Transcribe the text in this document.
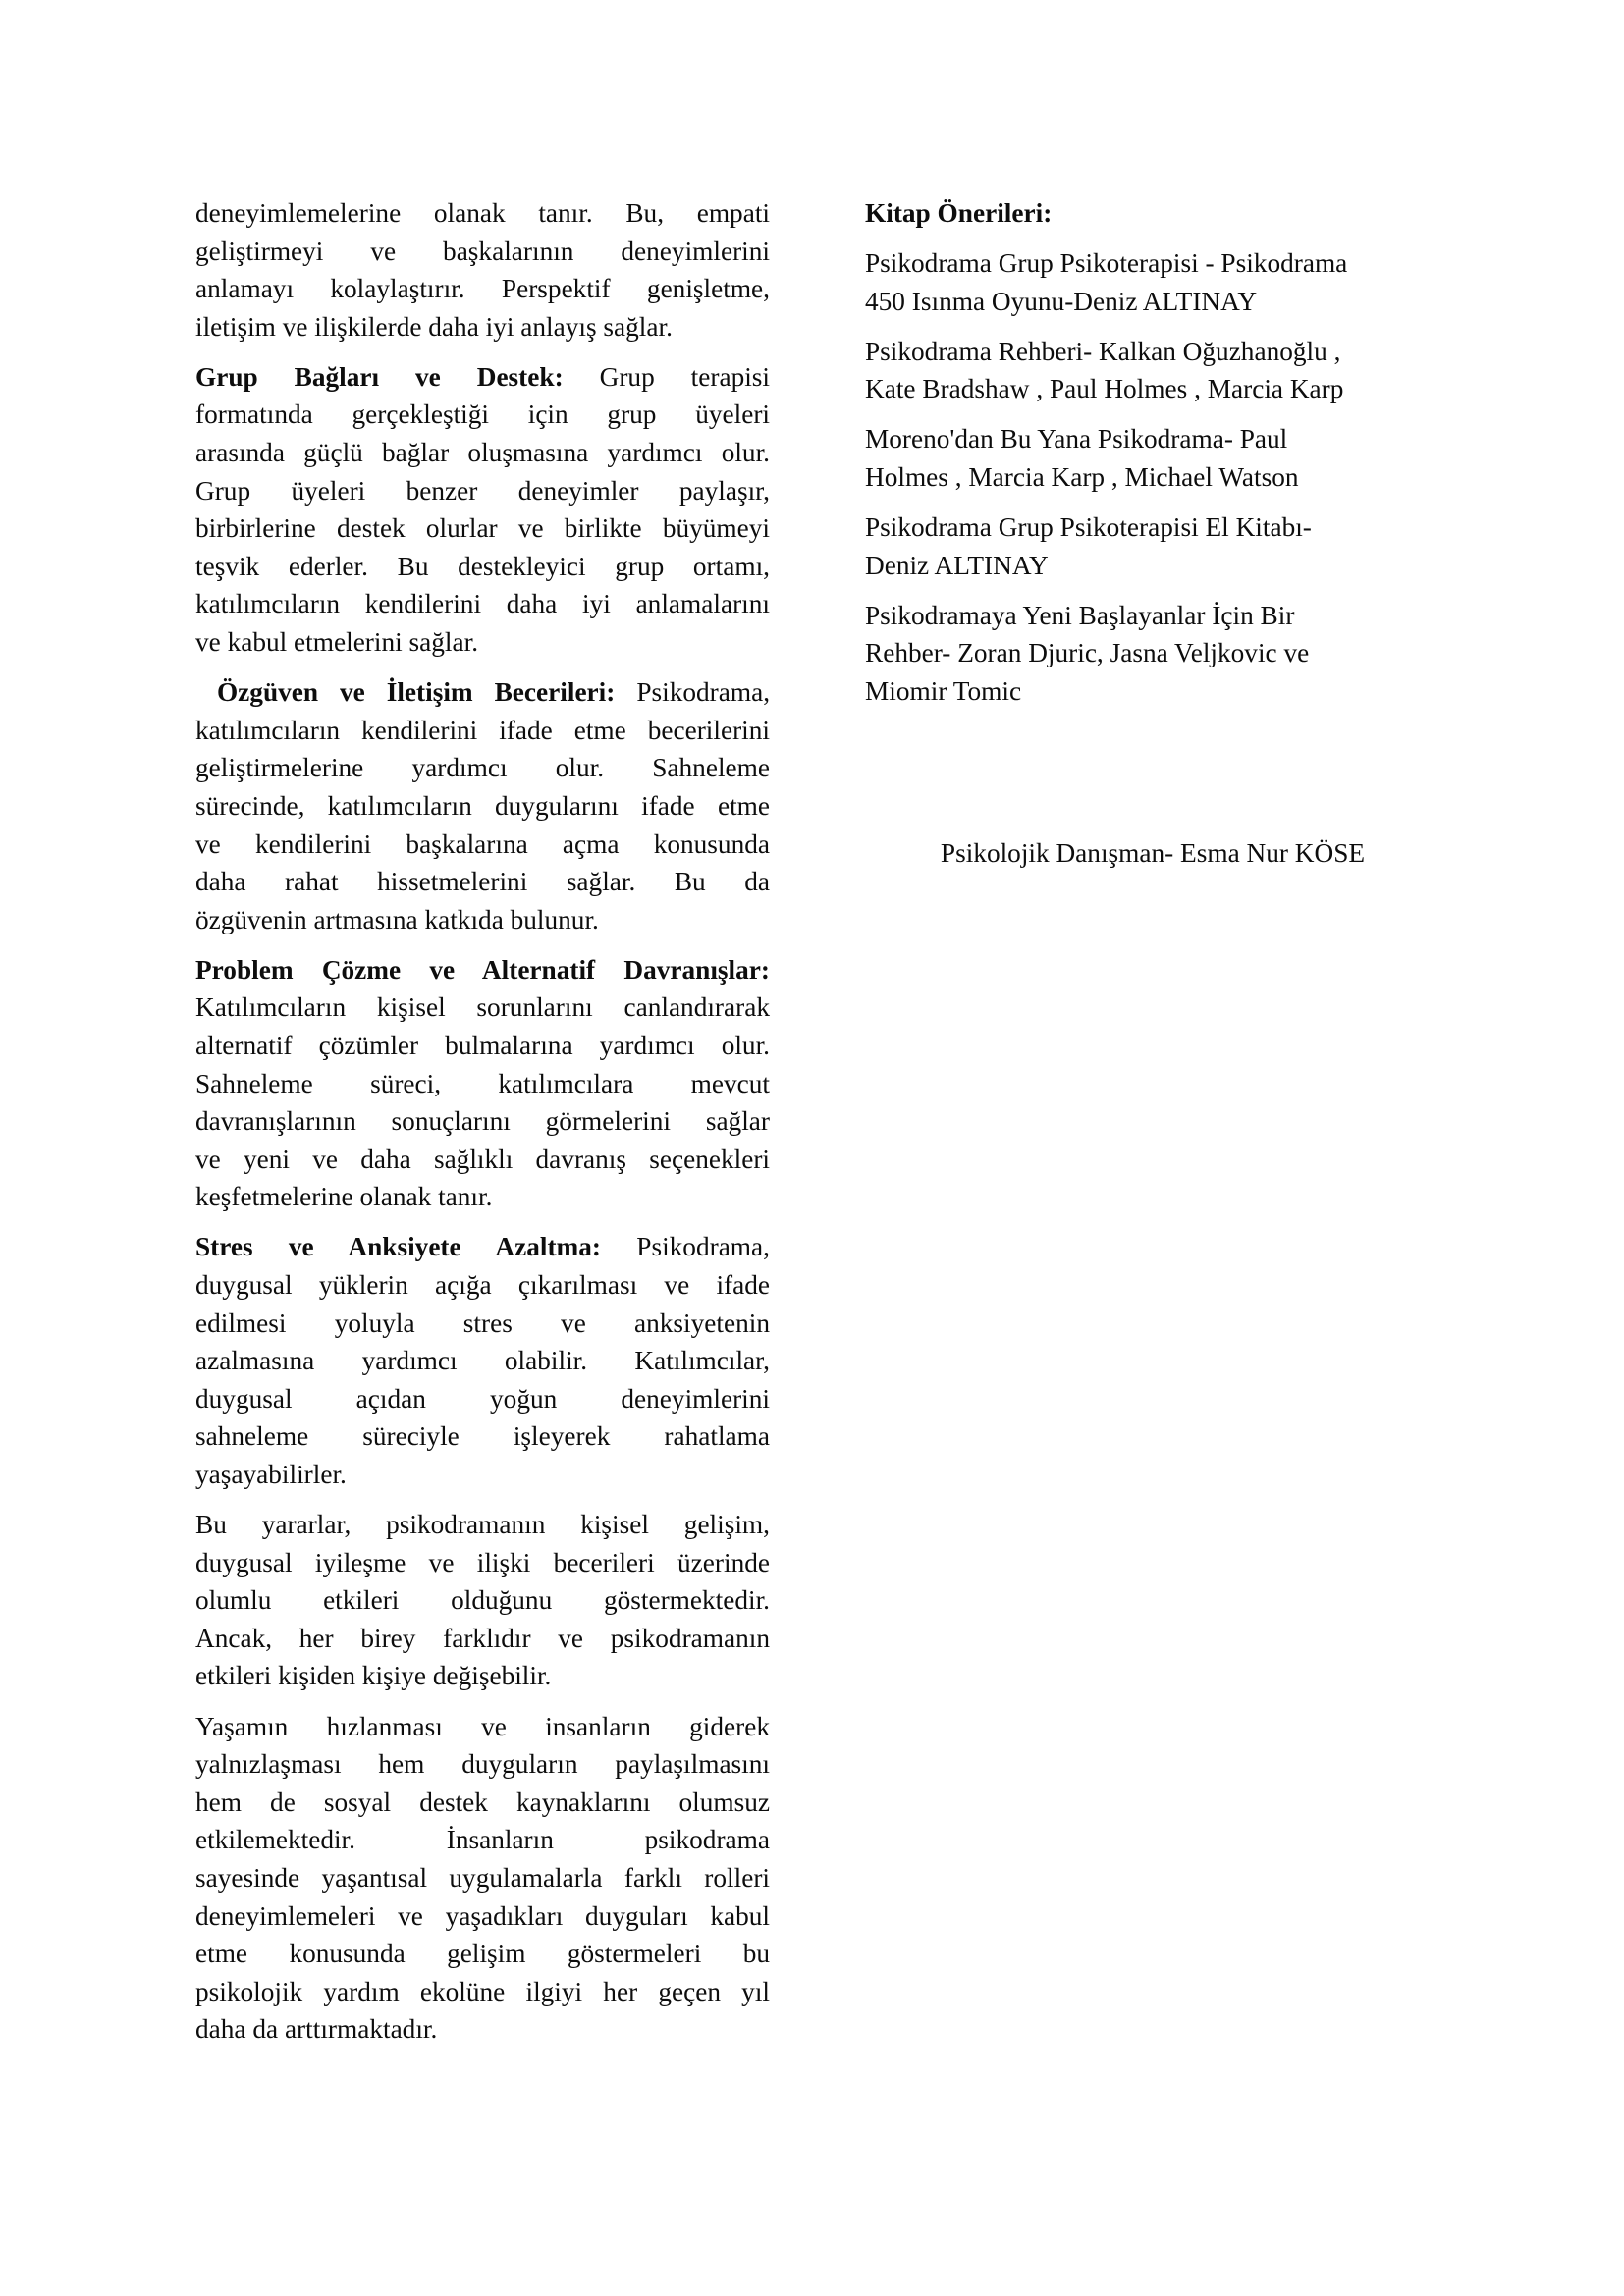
deneyimlemelerine olanak tanır. Bu, empati
geliştirmeyi ve başkalarının deneyimlerini
anlamayı kolaylaştırır. Perspektif genişletme,
iletişim ve ilişkilerde daha iyi anlayış sağlar.
Grup Bağları ve Destek: Grup terapisi
formatında gerçekleştiği için grup üyeleri
arasında güçlü bağlar oluşmasına yardımcı olur.
Grup üyeleri benzer deneyimler paylaşır,
birbirlerine destek olurlar ve birlikte büyümeyi
teşvik ederler. Bu destekleyici grup ortamı,
katılımcıların kendilerini daha iyi anlamalarını
ve kabul etmelerini sağlar.
Özgüven ve İletişim Becerileri: Psikodrama,
katılımcıların kendilerini ifade etme becerilerini
geliştirmelerine yardımcı olur. Sahneleme
sürecinde, katılımcıların duygularını ifade etme
ve kendilerini başkalarına açma konusunda
daha rahat hissetmelerini sağlar. Bu da
özgüvenin artmasına katkıda bulunur.
Problem Çözme ve Alternatif Davranışlar:
Katılımcıların kişisel sorunlarını canlandırarak
alternatif çözümler bulmalarına yardımcı olur.
Sahneleme süreci, katılımcılara mevcut
davranışlarının sonuçlarını görmelerini sağlar
ve yeni ve daha sağlıklı davranış seçenekleri
keşfetmelerine olanak tanır.
Stres ve Anksiyete Azaltma: Psikodrama,
duygusal yüklerin açığa çıkarılması ve ifade
edilmesi yoluyla stres ve anksiyetenin
azalmasına yardımcı olabilir. Katılımcılar,
duygusal açıdan yoğun deneyimlerini
sahneleme süreciyle işleyerek rahatlama
yaşayabilirler.
Bu yararlar, psikodramanın kişisel gelişim,
duygusal iyileşme ve ilişki becerileri üzerinde
olumlu etkileri olduğunu göstermektedir.
Ancak, her birey farklıdır ve psikodramanın
etkileri kişiden kişiye değişebilir.
Yaşamın hızlanması ve insanların giderek
yalnızlaşması hem duyguların paylaşılmasını
hem de sosyal destek kaynaklarını olumsuz
etkilemektedir. İnsanların psikodrama
sayesinde yaşantısal uygulamalarla farklı rolleri
deneyimlemeleri ve yaşadıkları duyguları kabul
etme konusunda gelişim göstermeleri bu
psikolojik yardım ekolüne ilgiyi her geçen yıl
daha da arttırmaktadır.
Kitap Önerileri:
Psikodrama Grup Psikoterapisi - Psikodrama
450 Isınma Oyunu-Deniz ALTINAY
Psikodrama Rehberi- Kalkan Oğuzhanoğlu ,
Kate Bradshaw , Paul Holmes , Marcia Karp
Moreno'dan Bu Yana Psikodrama- Paul
Holmes , Marcia Karp , Michael Watson
Psikodrama Grup Psikoterapisi El Kitabı-
Deniz ALTINAY
Psikodramaya Yeni Başlayanlar İçin Bir
Rehber- Zoran Djuric, Jasna Veljkovic ve
Miomir Tomic
Psikolojik Danışman- Esma Nur KÖSE
